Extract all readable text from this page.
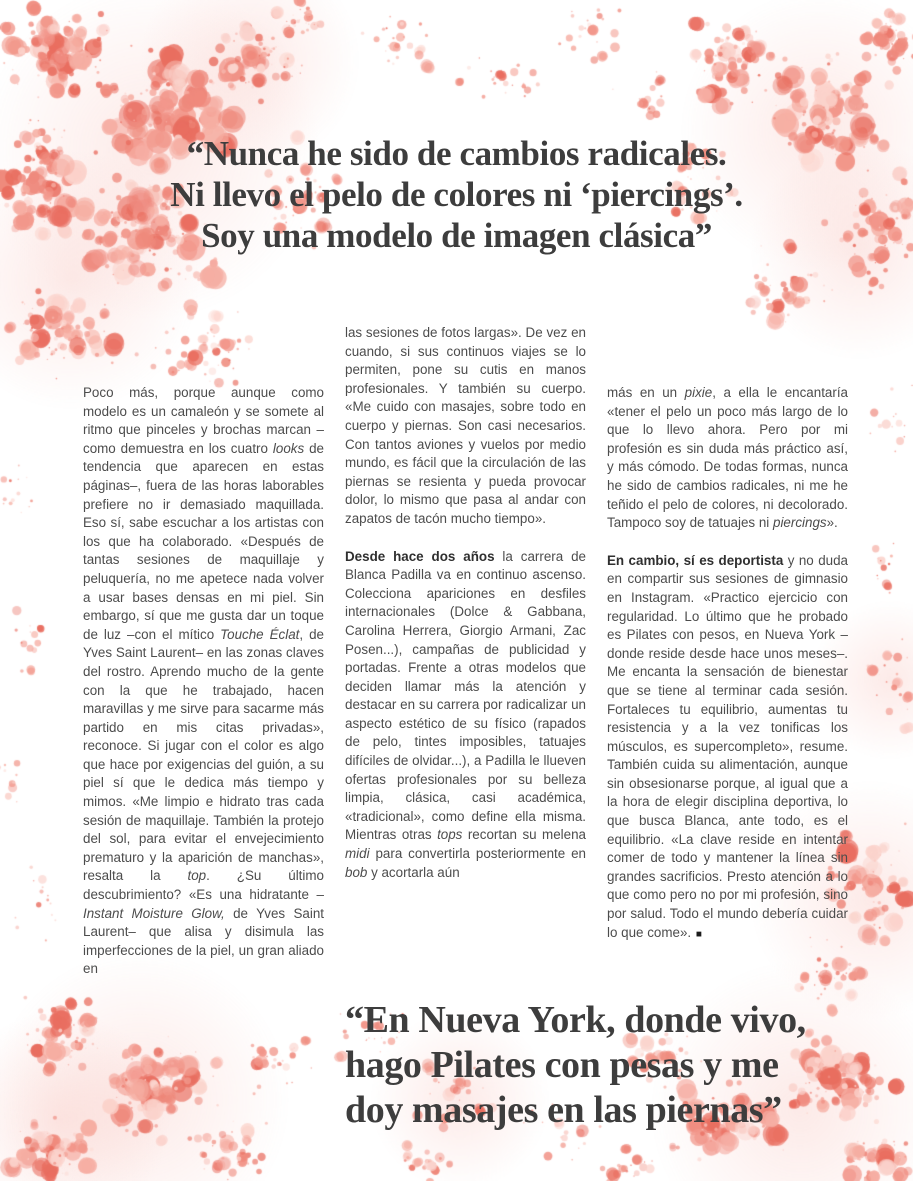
“Nunca he sido de cambios radicales.
Ni llevo el pelo de colores ni ‘piercings’.
Soy una modelo de imagen clásica”

Poco más, porque aunque como modelo es un camaleón y se somete al ritmo que pinceles y brochas marcan –como demuestra en los cuatro looks de tendencia que aparecen en estas páginas–, fuera de las horas laborables prefiere no ir demasiado maquillada. Eso sí, sabe escuchar a los artistas con los que ha colaborado. «Después de tantas sesiones de maquillaje y peluquería, no me apetece nada volver a usar bases densas en mi piel. Sin embargo, sí que me gusta dar un toque de luz –con el mítico Touche Éclat, de Yves Saint Laurent– en las zonas claves del rostro. Aprendo mucho de la gente con la que he trabajado, hacen maravillas y me sirve para sacarme más partido en mis citas privadas», reconoce. Si jugar con el color es algo que hace por exigencias del guión, a su piel sí que le dedica más tiempo y mimos. «Me limpio e hidrato tras cada sesión de maquillaje. También la protejo del sol, para evitar el envejecimiento prematuro y la aparición de manchas», resalta la top. ¿Su último descubrimiento? «Es una hidratante –Instant Moisture Glow, de Yves Saint Laurent– que alisa y disimula las imperfecciones de la piel, un gran aliado en

las sesiones de fotos largas». De vez en cuando, si sus continuos viajes se lo permiten, pone su cutis en manos profesionales. Y también su cuerpo. «Me cuido con masajes, sobre todo en cuerpo y piernas. Son casi necesarios. Con tantos aviones y vuelos por medio mundo, es fácil que la circulación de las piernas se resienta y pueda provocar dolor, lo mismo que pasa al andar con zapatos de tacón mucho tiempo».

Desde hace dos años la carrera de Blanca Padilla va en continuo ascenso. Colecciona apariciones en desfiles internacionales (Dolce & Gabbana, Carolina Herrera, Giorgio Armani, Zac Posen...), campañas de publicidad y portadas. Frente a otras modelos que deciden llamar más la atención y destacar en su carrera por radicalizar un aspecto estético de su físico (rapados de pelo, tintes imposibles, tatuajes difíciles de olvidar...), a Padilla le llueven ofertas profesionales por su belleza limpia, clásica, casi académica, «tradicional», como define ella misma. Mientras otras tops recortan su melena midi para convertirla posteriormente en bob y acortarla aún

más en un pixie, a ella le encantaría «tener el pelo un poco más largo de lo que lo llevo ahora. Pero por mi profesión es sin duda más práctico así, y más cómodo. De todas formas, nunca he sido de cambios radicales, ni me he teñido el pelo de colores, ni decolorado. Tampoco soy de tatuajes ni piercings».

En cambio, sí es deportista y no duda en compartir sus sesiones de gimnasio en Instagram. «Practico ejercicio con regularidad. Lo último que he probado es Pilates con pesos, en Nueva York –donde reside desde hace unos meses–. Me encanta la sensación de bienestar que se tiene al terminar cada sesión. Fortaleces tu equilibrio, aumentas tu resistencia y a la vez tonificas los músculos, es supercompleto», resume. También cuida su alimentación, aunque sin obsesionarse porque, al igual que a la hora de elegir disciplina deportiva, lo que busca Blanca, ante todo, es el equilibrio. «La clave reside en intentar comer de todo y mantener la línea sin grandes sacrificios. Presto atención a lo que como pero no por mi profesión, sino por salud. Todo el mundo debería cuidar lo que come». ■

“En Nueva York, donde vivo,
hago Pilates con pesas y me
doy masajes en las piernas”
